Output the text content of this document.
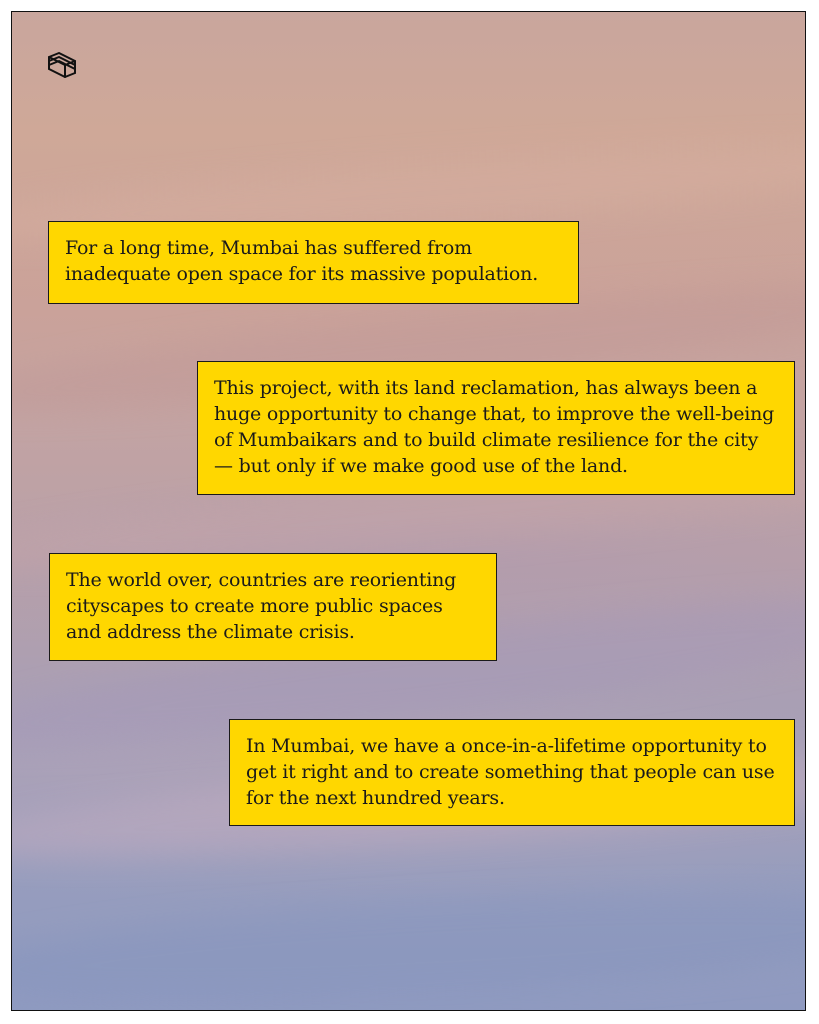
For a long time, Mumbai has suffered from inadequate open space for its massive population.
This project, with its land reclamation, has always been a huge opportunity to change that, to improve the well-being of Mumbaikars and to build climate resilience for the city — but only if we make good use of the land.
The world over, countries are reorienting cityscapes to create more public spaces and address the climate crisis.
In Mumbai, we have a once-in-a-lifetime opportunity to get it right and to create something that people can use for the next hundred years.
